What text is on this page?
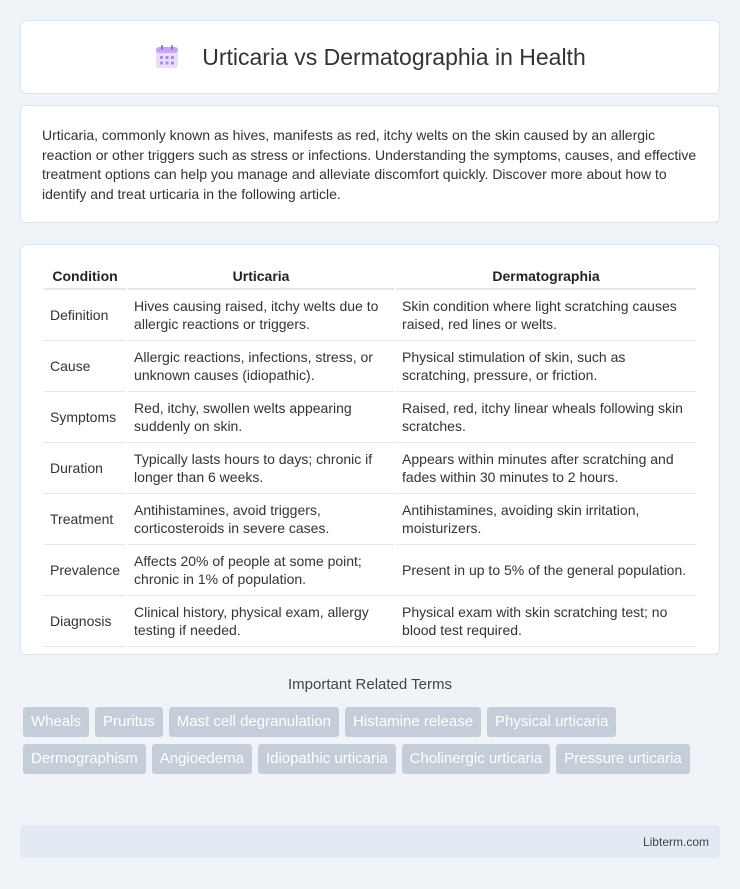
Urticaria vs Dermatographia in Health

Urticaria, commonly known as hives, manifests as red, itchy welts on the skin caused by an allergic reaction or other triggers such as stress or infections. Understanding the symptoms, causes, and effective treatment options can help you manage and alleviate discomfort quickly. Discover more about how to identify and treat urticaria in the following article.

Condition	Urticaria	Dermatographia
Definition	Hives causing raised, itchy welts due to allergic reactions or triggers.	Skin condition where light scratching causes raised, red lines or welts.
Cause	Allergic reactions, infections, stress, or unknown causes (idiopathic).	Physical stimulation of skin, such as scratching, pressure, or friction.
Symptoms	Red, itchy, swollen welts appearing suddenly on skin.	Raised, red, itchy linear wheals following skin scratches.
Duration	Typically lasts hours to days; chronic if longer than 6 weeks.	Appears within minutes after scratching and fades within 30 minutes to 2 hours.
Treatment	Antihistamines, avoid triggers, corticosteroids in severe cases.	Antihistamines, avoiding skin irritation, moisturizers.
Prevalence	Affects 20% of people at some point; chronic in 1% of population.	Present in up to 5% of the general population.
Diagnosis	Clinical history, physical exam, allergy testing if needed.	Physical exam with skin scratching test; no blood test required.
Important Related Terms
Wheals	Pruritus	Mast cell degranulation	Histamine release	Physical urticaria
Dermographism	Angioedema	Idiopathic urticaria	Cholinergic urticaria	Pressure urticaria
Libterm.com
